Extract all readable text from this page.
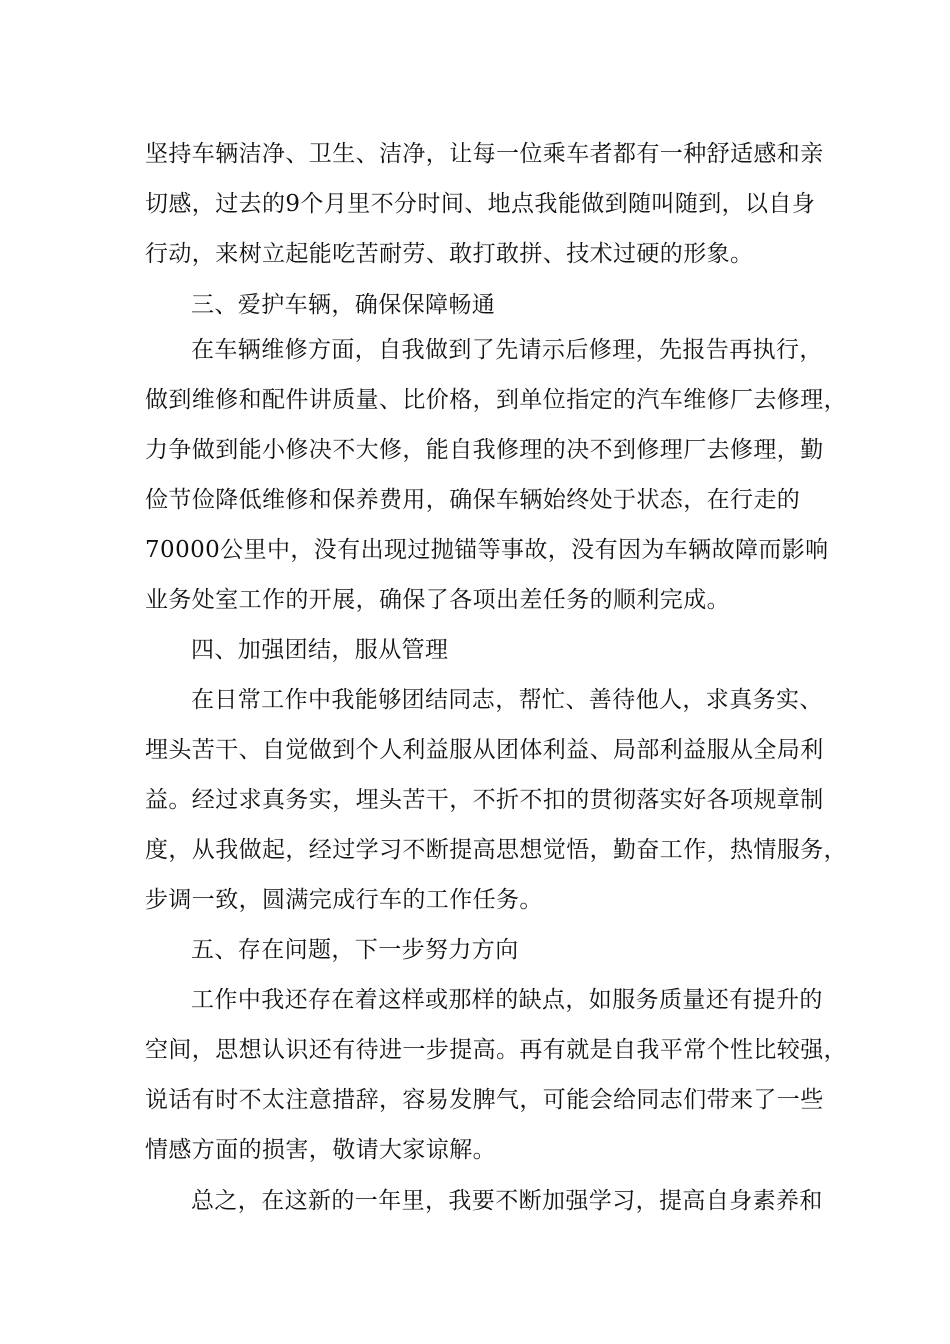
坚持车辆洁净、卫生、洁净，让每一位乘车者都有一种舒适感和亲
切感，过去的9个月里不分时间、地点我能做到随叫随到，以自身
行动，来树立起能吃苦耐劳、敢打敢拼、技术过硬的形象。
三、爱护车辆，确保保障畅通
在车辆维修方面，自我做到了先请示后修理，先报告再执行，
做到维修和配件讲质量、比价格，到单位指定的汽车维修厂去修理，
力争做到能小修决不大修，能自我修理的决不到修理厂去修理，勤
俭节俭降低维修和保养费用，确保车辆始终处于状态，在行走的
70000公里中，没有出现过抛锚等事故，没有因为车辆故障而影响
业务处室工作的开展，确保了各项出差任务的顺利完成。
四、加强团结，服从管理
在日常工作中我能够团结同志，帮忙、善待他人，求真务实、
埋头苦干、自觉做到个人利益服从团体利益、局部利益服从全局利
益。经过求真务实，埋头苦干，不折不扣的贯彻落实好各项规章制
度，从我做起，经过学习不断提高思想觉悟，勤奋工作，热情服务，
步调一致，圆满完成行车的工作任务。
五、存在问题，下一步努力方向
工作中我还存在着这样或那样的缺点，如服务质量还有提升的
空间，思想认识还有待进一步提高。再有就是自我平常个性比较强，
说话有时不太注意措辞，容易发脾气，可能会给同志们带来了一些
情感方面的损害，敬请大家谅解。
总之，在这新的一年里，我要不断加强学习，提高自身素养和
